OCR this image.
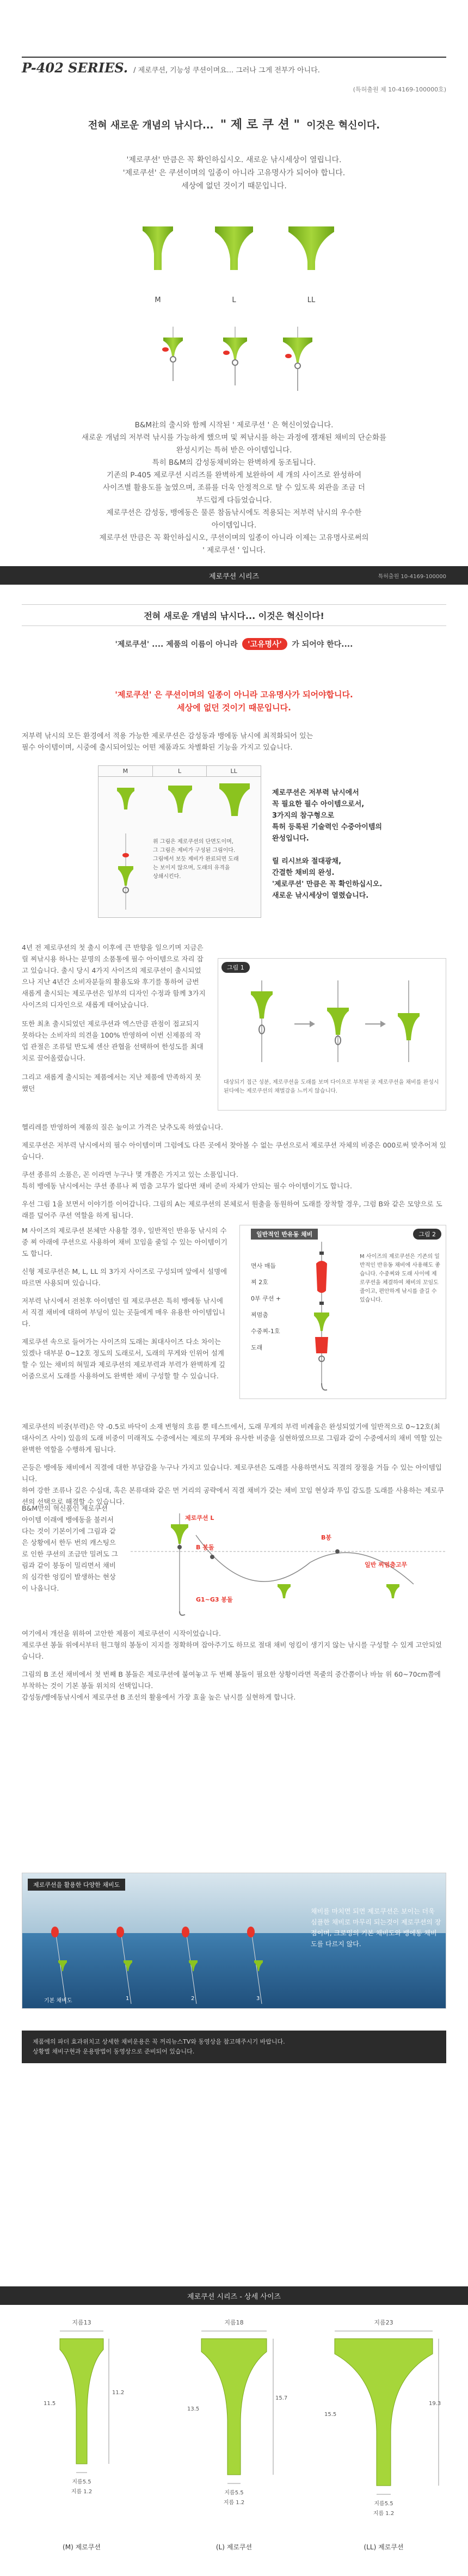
P-402 SERIES. / 제로쿠션, 기능성 쿠션이며요... 그러나 그게 전부가 아니다.
(특허출원 제 10-4169-100000호)
전혀 새로운 개념의 낚시다... " 제 로 쿠 션 " 이것은 혁신이다.
'제로쿠션' 만큼은 꼭 확인하십시오. 새로운 낚시세상이 열립니다.
'제로쿠션' 은 쿠션이며의 일종이 아니라 고유명사가 되어야 합니다.
세상에 없던 것이기 때문입니다.
M	L	LL
B&M社의 출시와 함께 시작된 ' 제로쿠션 ' 은 혁신이었습니다.
새로운 개념의 저부력 낚시를 가능하게 했으며 및 찌낚시를 하는 과정에 잼재된 채비의 단순화를
완성시키는 특허 받은 아이템입니다.
특히 B&M의 감성동채비와는 완벽하게 동조됩니다.
기존의 P-405 제로쿠션 시리즈를 완벽하게 보완하여 세 개의 사이즈로 완성하여
사이즈별 활용도를 높였으며, 조류를 더욱 안정적으로 탈 수 있도록 외관을 조금 더
부드럽게 다듬었습니다.
제로쿠션은 감성동, 뱅에동은 물론 참돔낚시에도 적용되는 저부력 낚시의 우수한
아이템입니다.
제로쿠션 만큼은 꼭 확인하십시오, 쿠션이며의 일종이 아니라 이제는 고유명사로써의
' 제로쿠션 ' 입니다.
제로쿠션 시리즈	특허출원 10-4169-100000
전혀 새로운 개념의 낚시다... 이것은 혁신이다!
'제로쿠션' .... 제품의 이름이 아니라 '고유명사' 가 되어야 한다....
'제로쿠션' 은 쿠션이며의 일종이 아니라 고유명사가 되어야합니다.
세상에 없던 것이기 때문입니다.
저부력 낚시의 모든 환경에서 적용 가능한 제로쿠션은 감성동과 뱅에동 낚시에 최적화되어 있는
필수 아이템이며, 시중에 출시되어있는 어떤 제품과도 차별화된 기능을 가지고 있습니다.
M	L	LL
위 그림은 제로쿠션의 단면도이며,
그 그림은 제비가 구성된 그림이다.
그림에서 보듯 제비가 완료되면 도래
는 보이지 않으며, 도래의 유격을
상쇄시킨다.
제로쿠션은 저부력 낚시에서
꼭 필요한 필수 아이템으로서,
3가지의 참구형으로
특허 등록된 기술력인 수중아이템의
완성입니다.
릴 리시브와 절대광채,
간결한 채비의 완성.
'제로쿠션' 만큼은 꼭 확인하십시오.
새로운 낚시세상이 열렸습니다.

4년 전 제로쿠션의 첫 출시 이후에 큰 반향을 일으키며 지금은 릴 찌낚시용 하나는 분명의 소품통에 필수 아이템으로 자리 잡고 있습니다. 출시 당시 4가지 사이즈의 제로쿠션이 출시되었으나 지난 4년간 소비자분들의 활용도와 후기를 통하여 금번 새롭게 출시되는 제로쿠션은 일부의 디자인 수정과 함께 3가지 사이즈의 디자인으로 새롭게 태어났습니다.

또한 최초 출시되었던 제로쿠션과 엑스만큼 관점이 접교되지 못하다는 소비자의 의견을 100% 반영하여 이번 신제품의 작업 관절은 조류털 반도체 센산 관협을 선택하여 한성도를 최대치로 끌어올렸습니다.

그리고 새롭게 출시되는 제품에서는 지난 제품에 만족하지 못했던

그림 1
대상되기 접근 성분, 제로쿠션을 도래를 보며 다이으로 부착된 곳 제로쿠션을 채비를 완성시 된다에는 제로쿠션의 채벌감을 느끼지 않습니다.

헬리레를 반영하여 제품의 질은 높이고 가격은 낮추도록 하였습니다.

제로쿠션은 저부력 낚시에서의 필수 아이템이며 그럼에도 다른 곳에서 찾아볼 수 없는 쿠션으로서 제로쿠션 자체의 비중은 000로써 맞추어져 있습니다.

쿠션 종류의 소품은, 꼰 이라면 누구나 몇 개쯤은 가지고 있는 소품입니다.

특히 뱅에동 낚시에서는 쿠션 종류나 찌 멈춤 고무가 없다면 채비 준비 자체가 안되는 필수 아이템이기도 합니다.

우선 그림 1을 보면서 이야기를 이어갑니다. 그림의 A는 제로쿠션의 본체로서 원출을 동원하여 도래를 장착할 경우, 그럼 B와 같은 모양으로 도래를 덮어주 쿠션 역할을 하게 됩니다.

M 사이즈의 제로쿠션 본체만 사용할 경우, 일반적인 반유동 낚시의 수중 찌 아래에 쿠션으로 사용하여 채비 꼬임을 줄일 수 있는 아이템이기도 합니다.

신형 제로쿠션은 M, L, LL 의 3가지 사이즈로 구성되며 앞에서 설명에 따르면 사용되며 있습니다.

저부력 낚시에서 전천후 아이템인 릴 제로쿠션은 특히 뱅에동 낚시에서 직결 채비에 대하여 부딩이 있는 곳들에게 매우 유용한 아이템입니다.

제로쿠션 속으로 들어가는 사이즈의 도래는 최대사이즈 다소 차이는 있겠나 대부분 0~12호 정도의 도래로서, 도래의 무게와 인위어 설계할 수 있는 채비의 혀밀과 제로쿠션의 제로부력과 부력가 완벽하게 깊어줌으로서 도래를 사용하여도 완벽한 채비 구성할 할 수 있습니다.

그림 2
일반적인 반유동 채비
면사 매듭
찌 2호
0부 쿠션 +
찌멈춤
수중찌-1호
도래
M 사이즈의 제로쿠션은 기존의 일반적인 반유동 채비에 사용해도 좋습니다. 수중찌와 도래 사이에 제로쿠션을 체결하여 채비의 꼬임도 줄이고, 편안하게 낚시를 즐길 수 있습니다.

제로쿠션의 비중(부력)은 약 -0.5로 바닥이 소재 변형의 흐름 뿐 테스트에서, 도래 무게의 부력 비례율은 완성되었기에 일반적으로 0~12호(최대사이즈 사이) 있음의 도래 비중이 미래적도 수중에서는 제로의 무게와 유사한 비중을 실현하였으므로 그림과 같이 수중에서의 채비 역할 있는 완벽한 역할을 수행하게 됩니다.

곤등은 뱅에동 채비에서 직결에 대한 부담감을 누구나 가지고 있습니다. 제로쿠션은 도래를 사용하면서도 직결의 장점을 거듭 수 있는 아이템입니다.

하여 강한 조류나 깊은 수심대, 혹은 본류대와 같은 먼 거리의 공략에서 직결 채비가 갖는 채비 꼬임 현상과 투입 감도를 도래를 사용하는 제로쿠션의 선택으로 해결할 수 있습니다.

B&M만의 혁신품인 제로쿠션

아이템 이래에 뱅에동을 불러서 다는 것이 기본이기에 그림과 같은 상황에서 한두 번의 캐스팅으로 인한 쿠션의 조금만 밀려도 그림과 같이 붕동이 밀리면서 채비의 심각한 엉킴이 발생하는 현상이 나옵니다.

제로쿠션 L
B 봉돌
G1~G3 봉돌
B봉
일반 찌멈춤고무

여기에서 개선을 위하여 고안한 제품이 제로쿠션이 시작이었습니다.

제로쿠션 봉돌 위에서부터 원그형의 봉동이 지지를 정확하며 잡아주기도 하므로 절대 채비 엉킴이 생기지 않는 낚시를 구성할 수 있게 고안되었습니다.

그림의 B 조선 채비에서 첫 번째 B 봉돌은 제로쿠션에 붙여놓고 두 번째 봉돌이 필요한 상황이라면 목줄의 중간쯤이나 바늘 위 60~70cm쯤에 부착하는 것이 기본 봉돌 위치의 선택입니다.

감성동/뱅에동낚시에서 제로쿠션 B 조선의 활용에서 가장 효율 높은 낚시를 실현하게 합니다.

제로쿠션을 활용한 다양한 채비도
기본 채비도	1	2	3
채비를 마치면 되면 제로쿠션은 보이는 더욱 심플한 채비로 마무리 되는것이 제로쿠션의 장점이며, 크로밍의 기본 채비도와 뱅에동 채비도를 다르지 않다.
제품에의 파더 효과위치고 상세한 채비운용은 꼭 꺼리뉴스TV와 동영상을 참고해주시기 바랍니다.
상황별 채비구현과 운용방법이 동영상으로 준비되어 있습니다.
제로쿠션 시리즈 - 상세 사이즈
지름13
11.2
11.5
지름5.5
지름 1.2
(M) 제로쿠션
지름18
15.7
13.5
지름5.5
지름 1.2
(L) 제로쿠션
지름23
19.3
15.5
지름5.5
지름 1.2
(LL) 제로쿠션
